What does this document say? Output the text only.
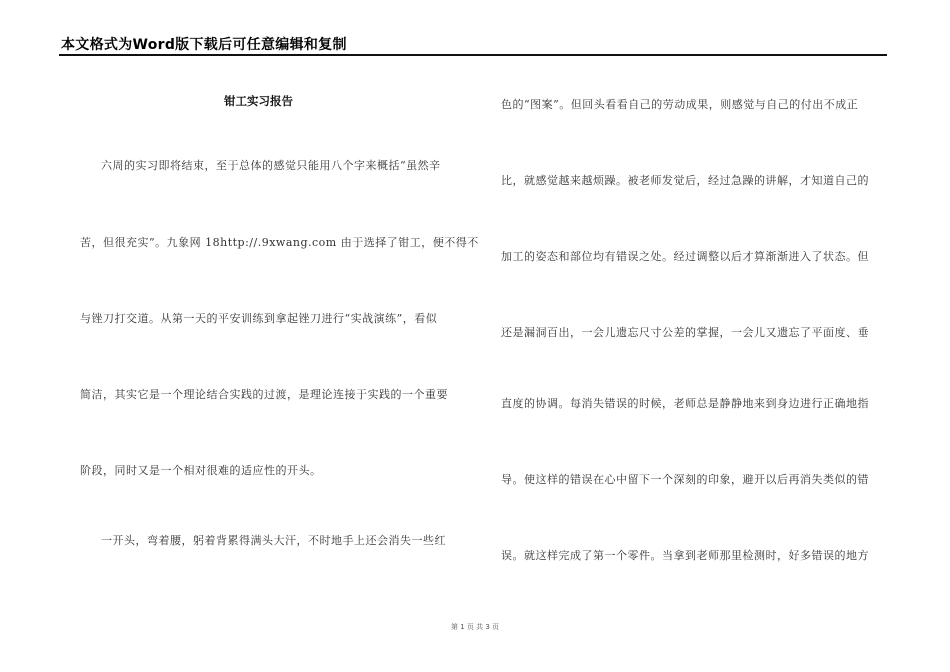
本文格式为Word版下载后可任意编辑和复制
钳工实习报告
六周的实习即将结束，至于总体的感觉只能用八个字来概括“虽然辛
苦，但很充实”。九象网 18http://.9xwang.com 由于选择了钳工，便不得不
与锉刀打交道。从第一天的平安训练到拿起锉刀进行“实战演练”，看似
简洁，其实它是一个理论结合实践的过渡，是理论连接于实践的一个重要
阶段，同时又是一个相对很难的适应性的开头。
一开头，弯着腰，躬着背累得满头大汗，不时地手上还会消失一些红
色的“图案”。但回头看看自己的劳动成果，则感觉与自己的付出不成正
比，就感觉越来越烦躁。被老师发觉后，经过急躁的讲解，才知道自己的
加工的姿态和部位均有错误之处。经过调整以后才算渐渐进入了状态。但
还是漏洞百出，一会儿遗忘尺寸公差的掌握，一会儿又遗忘了平面度、垂
直度的协调。每消失错误的时候，老师总是静静地来到身边进行正确地指
导。使这样的错误在心中留下一个深刻的印象，避开以后再消失类似的错
误。就这样完成了第一个零件。当拿到老师那里检测时，好多错误的地方
第 1 页 共 3 页
